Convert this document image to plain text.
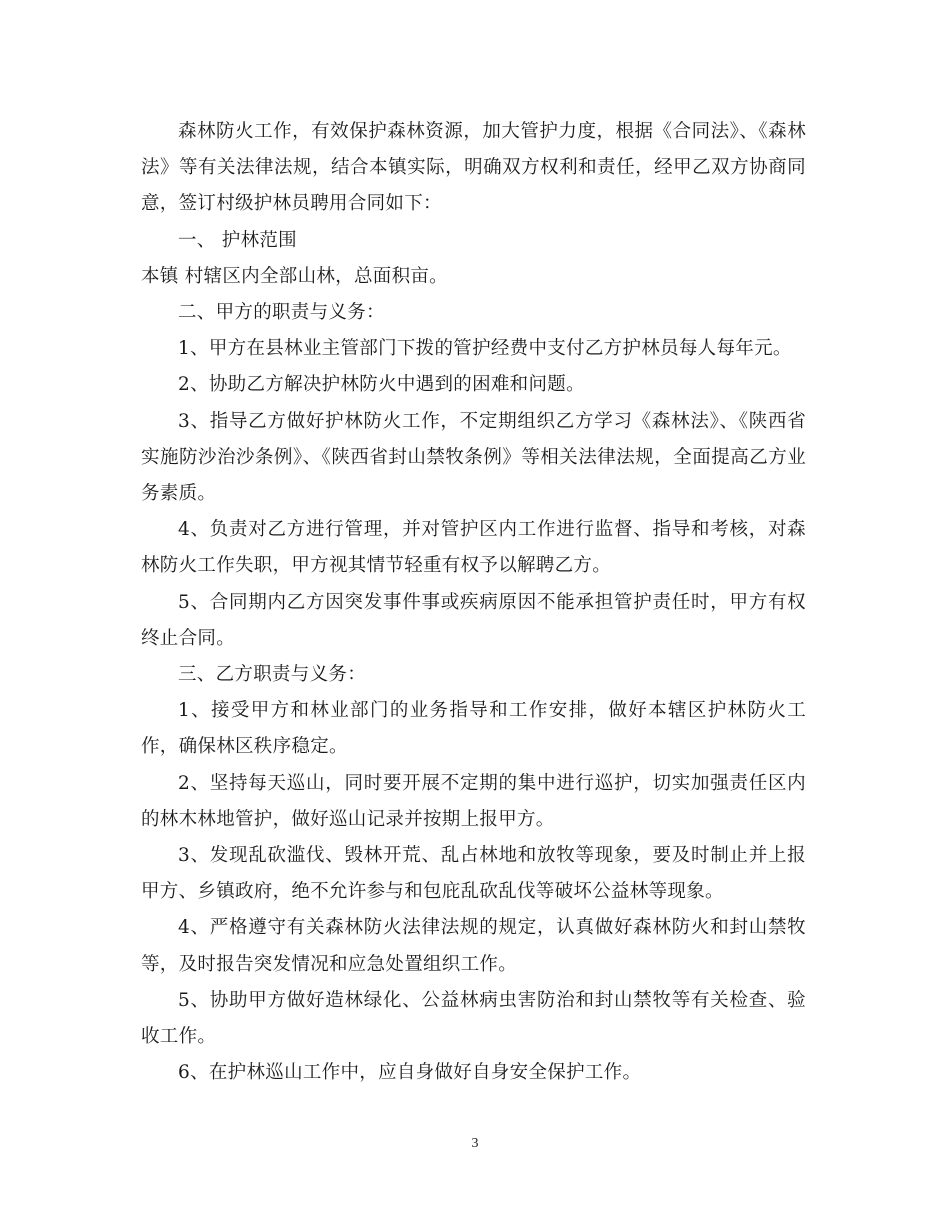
森林防火工作，有效保护森林资源，加大管护力度，根据《合同法》、《森林法》等有关法律法规，结合本镇实际，明确双方权利和责任，经甲乙双方协商同意，签订村级护林员聘用合同如下：

一、 护林范围

本镇 村辖区内全部山林，总面积亩。

二、甲方的职责与义务：

1、甲方在县林业主管部门下拨的管护经费中支付乙方护林员每人每年元。

2、协助乙方解决护林防火中遇到的困难和问题。

3、指导乙方做好护林防火工作，不定期组织乙方学习《森林法》、《陕西省实施防沙治沙条例》、《陕西省封山禁牧条例》等相关法律法规，全面提高乙方业务素质。

4、负责对乙方进行管理，并对管护区内工作进行监督、指导和考核，对森林防火工作失职，甲方视其情节轻重有权予以解聘乙方。

5、合同期内乙方因突发事件事或疾病原因不能承担管护责任时，甲方有权终止合同。

三、乙方职责与义务：

1、接受甲方和林业部门的业务指导和工作安排，做好本辖区护林防火工作，确保林区秩序稳定。

2、坚持每天巡山，同时要开展不定期的集中进行巡护，切实加强责任区内的林木林地管护，做好巡山记录并按期上报甲方。

3、发现乱砍滥伐、毁林开荒、乱占林地和放牧等现象，要及时制止并上报甲方、乡镇政府，绝不允许参与和包庇乱砍乱伐等破坏公益林等现象。

4、严格遵守有关森林防火法律法规的规定，认真做好森林防火和封山禁牧等，及时报告突发情况和应急处置组织工作。

5、协助甲方做好造林绿化、公益林病虫害防治和封山禁牧等有关检查、验收工作。

6、在护林巡山工作中，应自身做好自身安全保护工作。

3
